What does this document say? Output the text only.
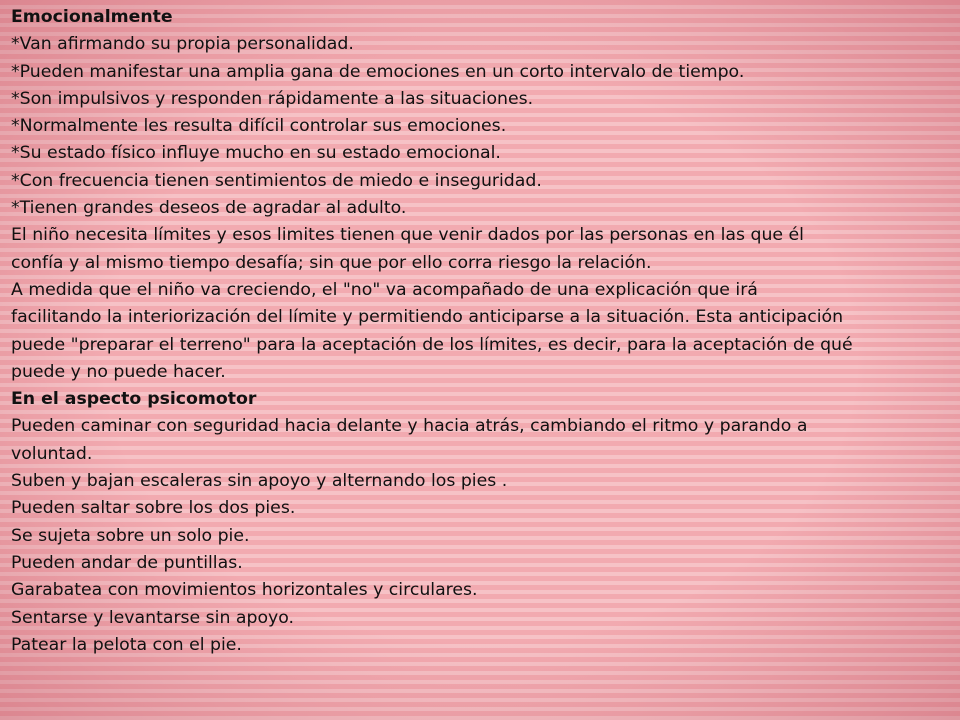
Emocionalmente

*Van afirmando su propia personalidad.

*Pueden manifestar una amplia gana de emociones en un corto intervalo de tiempo.

*Son impulsivos y responden rápidamente a las situaciones.

*Normalmente les resulta difícil controlar sus emociones.

*Su estado físico influye mucho en su estado emocional.

*Con frecuencia tienen sentimientos de miedo e inseguridad.

*Tienen grandes deseos de agradar al adulto.

El niño necesita límites y esos limites tienen que venir dados por las personas en las que él

confía y al mismo tiempo desafía; sin que por ello corra riesgo la relación.

A medida que el niño va creciendo, el "no" va acompañado de una explicación que irá

facilitando la interiorización del límite y permitiendo anticiparse a la situación. Esta anticipación

puede "preparar el terreno" para la aceptación de los límites, es decir, para la aceptación de qué

puede y no puede hacer.

En el aspecto psicomotor

Pueden caminar con seguridad hacia delante y hacia atrás, cambiando el ritmo y parando a

voluntad.

Suben y bajan escaleras sin apoyo y alternando los pies .

Pueden saltar sobre los dos pies.

Se sujeta sobre un solo pie.

Pueden andar de puntillas.

Garabatea con movimientos horizontales y circulares.

Sentarse y levantarse sin apoyo.

Patear la pelota con el pie.
